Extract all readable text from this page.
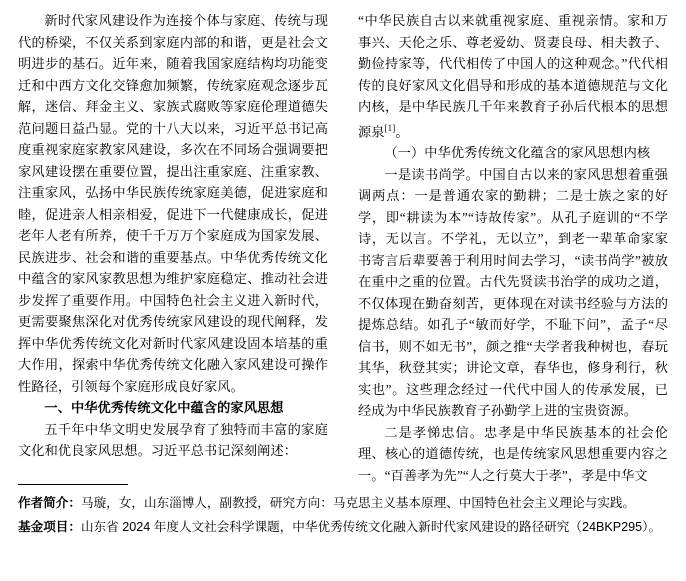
新时代家风建设作为连接个体与家庭、传统与现代的桥梁，不仅关系到家庭内部的和谐，更是社会文明进步的基石。近年来，随着我国家庭结构均功能变迁和中西方文化交锋愈加频繁，传统家庭观念逐步瓦解，迷信、拜金主义、家族式腐败等家庭伦理道德失范问题日益凸显。党的十八大以来，习近平总书记高度重视家庭家教家风建设，多次在不同场合强调要把家风建设摆在重要位置，提出注重家庭、注重家教、注重家风，弘扬中华民族传统家庭美德，促进家庭和睦，促进亲人相亲相爱，促进下一代健康成长，促进老年人老有所养，使千千万万个家庭成为国家发展、民族进步、社会和谐的重要基点。中华优秀传统文化中蕴含的家风家教思想为维护家庭稳定、推动社会进步发挥了重要作用。中国特色社会主义进入新时代，更需要聚焦深化对优秀传统家风建设的现代阐释，发挥中华优秀传统文化对新时代家风建设固本培基的重大作用，探索中华优秀传统文化融入家风建设可操作性路径，引领每个家庭形成良好家风。

一、中华优秀传统文化中蕴含的家风思想

五千年中华文明史发展孕育了独特而丰富的家庭文化和优良家风思想。习近平总书记深刻阐述：

“中华民族自古以来就重视家庭、重视亲情。家和万事兴、天伦之乐、尊老爱幼、贤妻良母、相夫教子、勤俭持家等，代代相传了中国人的这种观念。”代代相传的良好家风文化倡导和形成的基本道德规范与文化内核，是中华民族几千年来教育子孙后代根本的思想源泉[1]。

（一）中华优秀传统文化蕴含的家风思想内核

一是读书尚学。中国自古以来的家风思想着重强调两点：一是普通农家的勤耕；二是士族之家的好学，即“耕读为本”“诗故传家”。从孔子庭训的“不学诗，无以言。不学礼，无以立”，到老一辈革命家家书寄言后辈要善于利用时间去学习，“读书尚学”被放在重中之重的位置。古代先贤读书治学的成功之道，不仅体现在勤奋刻苦，更体现在对读书经验与方法的提炼总结。如孔子“敏而好学，不耻下问”，孟子“尽信书，则不如无书”，颜之推“夫学者我种树也，春玩其华，秋登其实；讲论文章，春华也，修身利行，秋实也”。这些理念经过一代代中国人的传承发展，已经成为中华民族教育子孙勤学上进的宝贵资源。

二是孝悌忠信。忠孝是中华民族基本的社会伦理、核心的道德传统，也是传统家风思想重要内容之一。“百善孝为先”“人之行莫大于孝”，孝是中华文

作者简介：马璇，女，山东淄博人，副教授，研究方向：马克思主义基本原理、中国特色社会主义理论与实践。

基金项目：山东省 2024 年度人文社会科学课题，中华优秀传统文化融入新时代家风建设的路径研究（24BKP295）。
